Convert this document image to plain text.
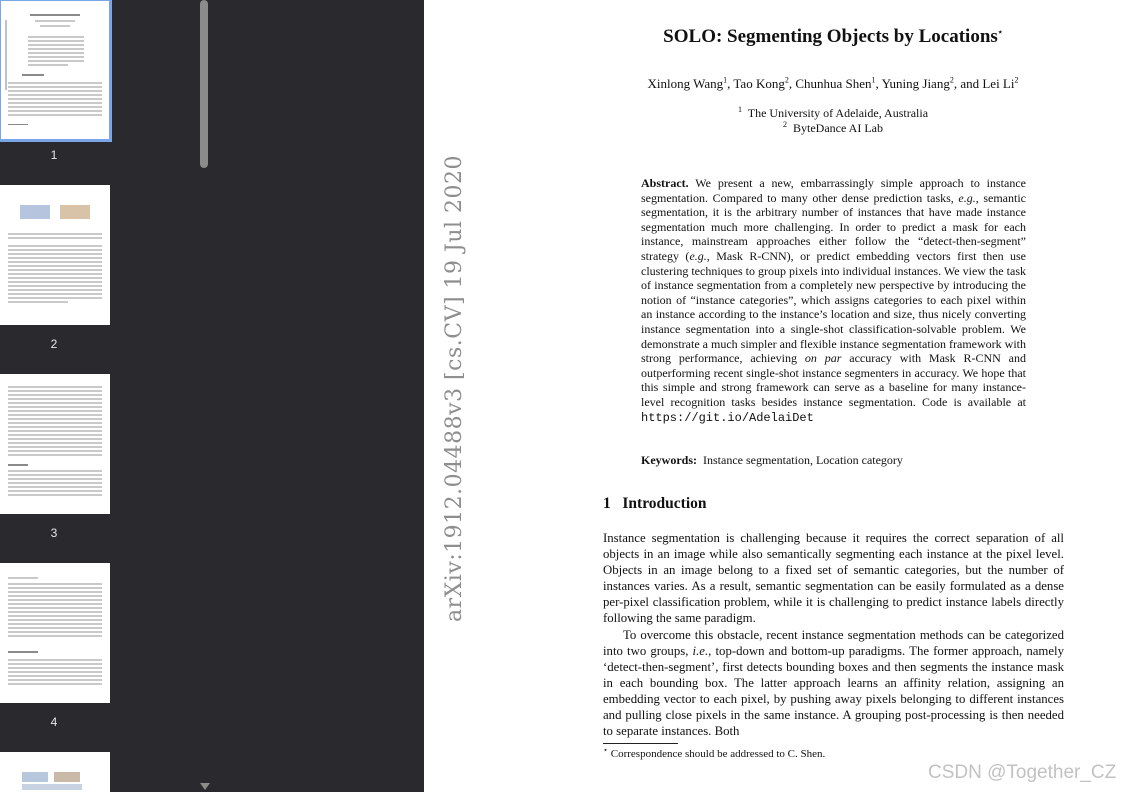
1
2
3
4
arXiv:1912.04488v3 [cs.CV] 19 Jul 2020
SOLO: Segmenting Objects by Locations⋆
Xinlong Wang$^1$, Tao Kong$^2$, Chunhua Shen$^1$, Yuning Jiang$^2$, and Lei Li$^2$
$^1$ The University of Adelaide, Australia
$^2$ ByteDance AI Lab
Abstract. We present a new, embarrassingly simple approach to instance segmentation. Compared to many other dense prediction tasks, e.g., semantic segmentation, it is the arbitrary number of instances that have made instance segmentation much more challenging. In order to predict a mask for each instance, mainstream approaches either follow the “detect-then-segment” strategy (e.g., Mask R-CNN), or predict embedding vectors first then use clustering techniques to group pixels into individual instances. We view the task of instance segmentation from a completely new perspective by introducing the notion of “instance categories”, which assigns categories to each pixel within an instance according to the instance’s location and size, thus nicely converting instance segmentation into a single-shot classification-solvable problem. We demonstrate a much simpler and flexible instance segmentation framework with strong performance, achieving on par accuracy with Mask R-CNN and outperforming recent single-shot instance segmenters in accuracy. We hope that this simple and strong framework can serve as a baseline for many instance-level recognition tasks besides instance segmentation. Code is available at https://git.io/AdelaiDet
Keywords: Instance segmentation, Location category
1 Introduction

Instance segmentation is challenging because it requires the correct separation of all objects in an image while also semantically segmenting each instance at the pixel level. Objects in an image belong to a fixed set of semantic categories, but the number of instances varies. As a result, semantic segmentation can be easily formulated as a dense per-pixel classification problem, while it is challenging to predict instance labels directly following the same paradigm.

To overcome this obstacle, recent instance segmentation methods can be categorized into two groups, i.e., top-down and bottom-up paradigms. The former approach, namely ‘detect-then-segment’, first detects bounding boxes and then segments the instance mask in each bounding box. The latter approach learns an affinity relation, assigning an embedding vector to each pixel, by pushing away pixels belonging to different instances and pulling close pixels in the same instance. A grouping post-processing is then needed to separate instances. Both

⋆ Correspondence should be addressed to C. Shen.
CSDN @Together_CZ
